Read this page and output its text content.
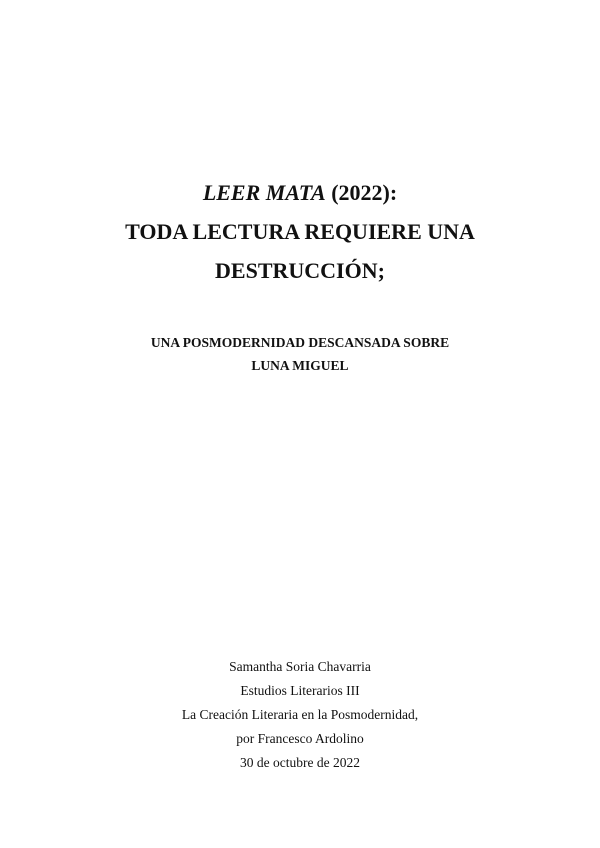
LEER MATA (2022):
TODA LECTURA REQUIERE UNA
DESTRUCCIÓN;
UNA POSMODERNIDAD DESCANSADA SOBRE
LUNA MIGUEL
Samantha Soria Chavarria
Estudios Literarios III
La Creación Literaria en la Posmodernidad,
por Francesco Ardolino
30 de octubre de 2022
